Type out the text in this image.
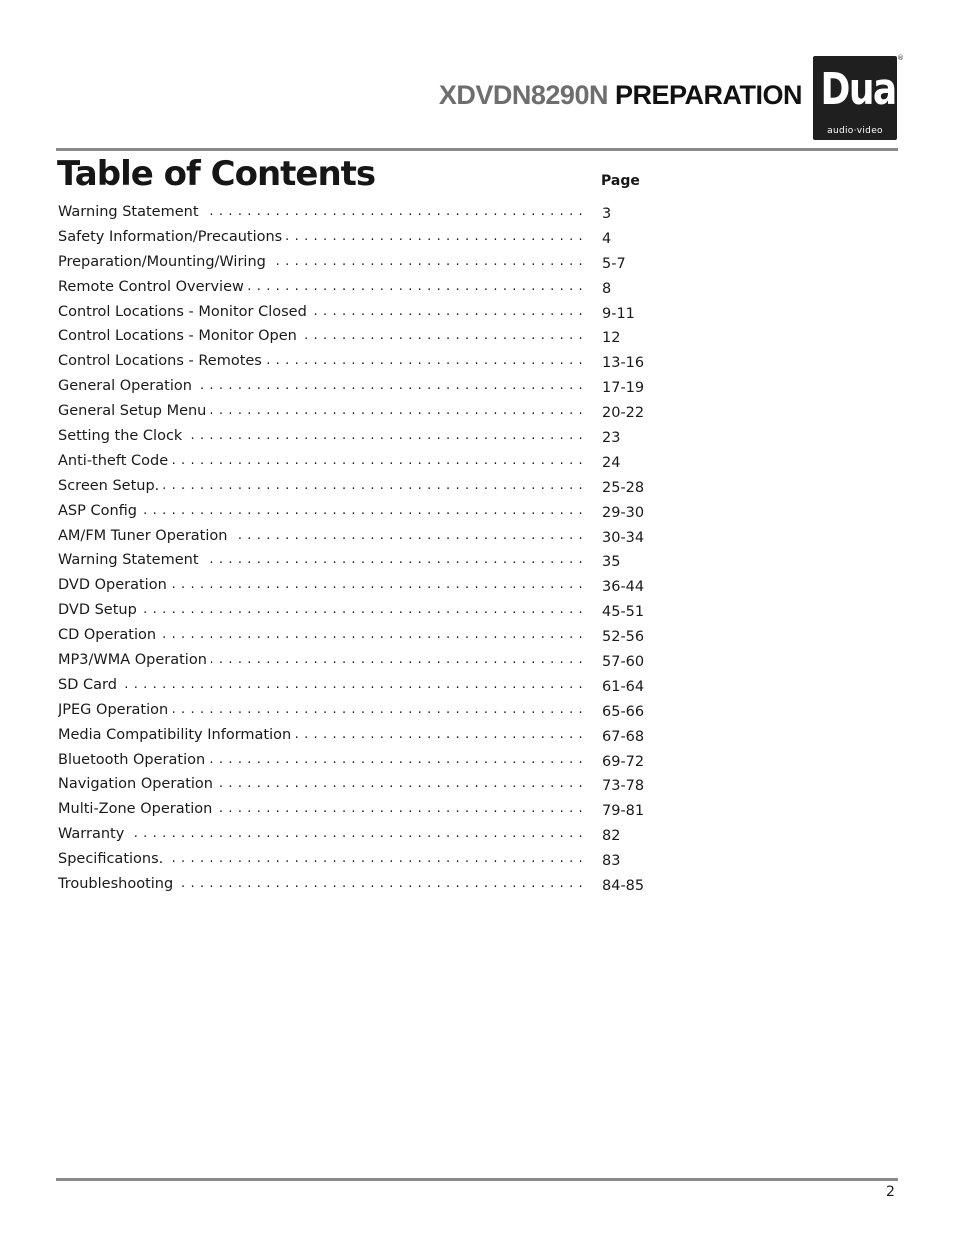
XDVDN8290N PREPARATION Dual
audio·video
®
Table of Contents	Page
Warning Statement . . .	3
Safety Information/Precautions . . .	4
Preparation/Mounting/Wiring . . .	5-7
Remote Control Overview . . .	8
Control Locations - Monitor Closed . . .	9-11
Control Locations - Monitor Open . . .	12
Control Locations - Remotes . . .	13-16
General Operation . . .	17-19
General Setup Menu . . .	20-22
Setting the Clock . . .	23
Anti-theft Code . . .	24
Screen Setup. . . .	25-28
ASP Config . . .	29-30
AM/FM Tuner Operation . . .	30-34
Warning Statement . . .	35
DVD Operation . . .	36-44
DVD Setup . . .	45-51
CD Operation . . .	52-56
MP3/WMA Operation . . .	57-60
SD Card . . .	61-64
JPEG Operation . . .	65-66
Media Compatibility Information . . .	67-68
Bluetooth Operation . . .	69-72
Navigation Operation . . .	73-78
Multi-Zone Operation . . .	79-81
Warranty . . .	82
Specifications. . . .	83
Troubleshooting . . .	84-85
2
